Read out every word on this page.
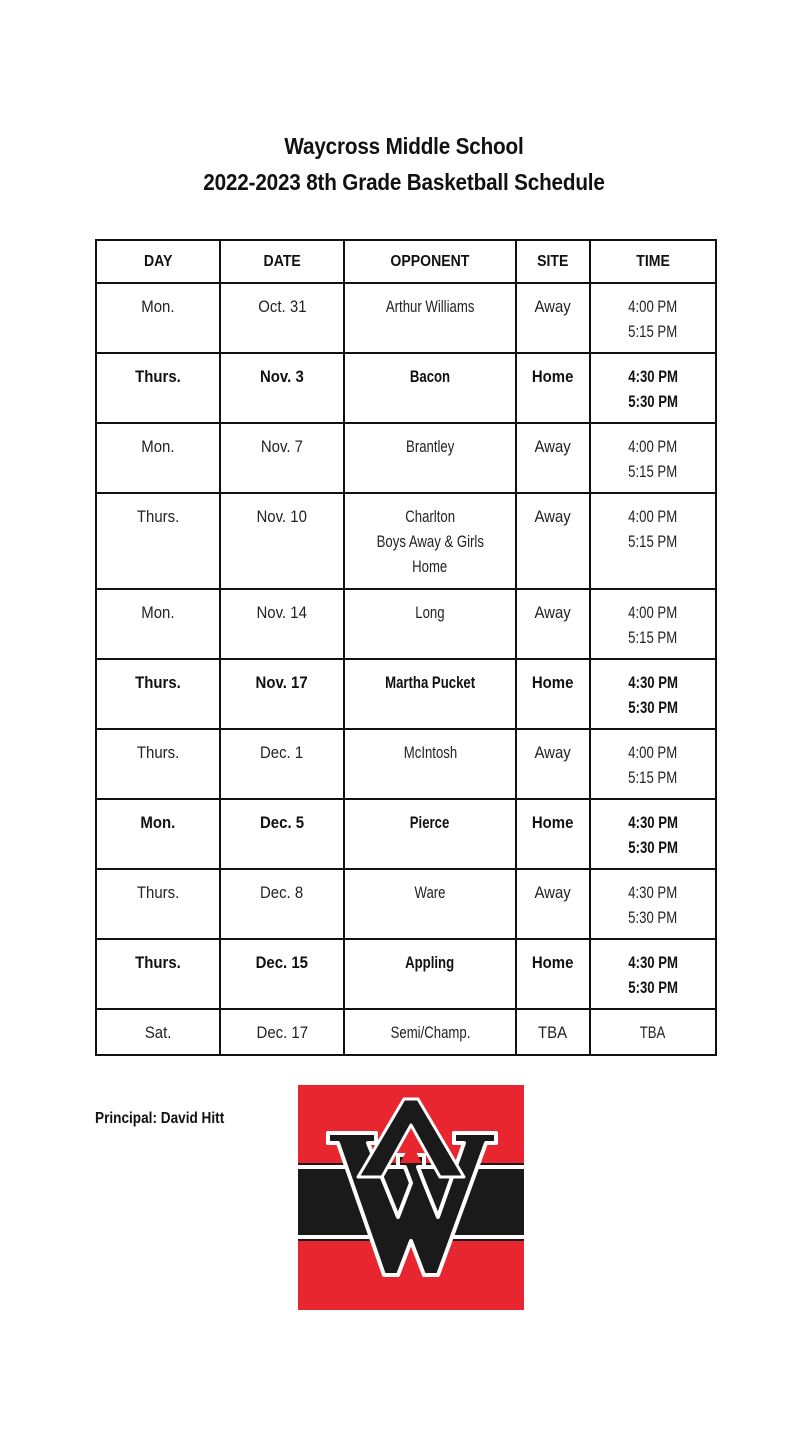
Waycross Middle School
2022-2023 8th Grade Basketball Schedule
DAY	DATE	OPPONENT	SITE	TIME
Mon.	Oct. 31	Arthur Williams	Away	4:00 PM
5:15 PM
Thurs.	Nov. 3	Bacon	Home	4:30 PM
5:30 PM
Mon.	Nov. 7	Brantley	Away	4:00 PM
5:15 PM
Thurs.	Nov. 10	Charlton
Boys Away & Girls
Home	Away	4:00 PM
5:15 PM
Mon.	Nov. 14	Long	Away	4:00 PM
5:15 PM
Thurs.	Nov. 17	Martha Pucket	Home	4:30 PM
5:30 PM
Thurs.	Dec. 1	McIntosh	Away	4:00 PM
5:15 PM
Mon.	Dec. 5	Pierce	Home	4:30 PM
5:30 PM
Thurs.	Dec. 8	Ware	Away	4:30 PM
5:30 PM
Thurs.	Dec. 15	Appling	Home	4:30 PM
5:30 PM
Sat.	Dec. 17	Semi/Champ.	TBA	TBA
Principal: David Hitt
